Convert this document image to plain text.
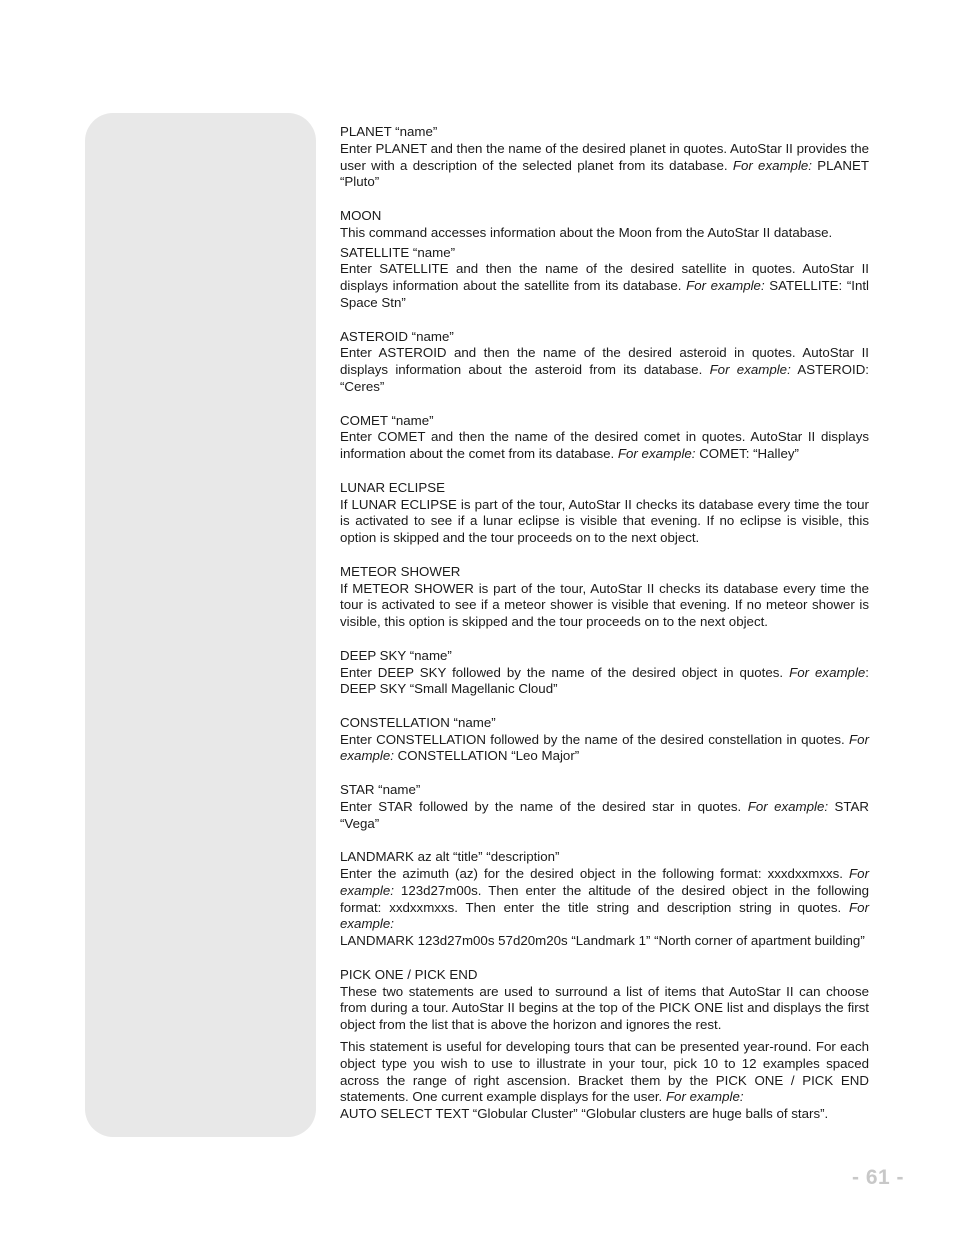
PLANET “name”
Enter PLANET and then the name of the desired planet in quotes. AutoStar II provides the user with a description of the selected planet from its database. For example: PLANET “Pluto”
MOON
This command accesses information about the Moon from the AutoStar II database.
SATELLITE “name”
Enter SATELLITE and then the name of the desired satellite in quotes. AutoStar II displays information about the satellite from its database. For example: SATELLITE: “Intl Space Stn”
ASTEROID “name”
Enter ASTEROID and then the name of the desired asteroid in quotes. AutoStar II displays information about the asteroid from its database. For example: ASTEROID: “Ceres”
COMET “name”
Enter COMET and then the name of the desired comet in quotes. AutoStar II displays information about the comet from its database. For example: COMET: “Halley”
LUNAR ECLIPSE
If LUNAR ECLIPSE is part of the tour, AutoStar II checks its database every time the tour is activated to see if a lunar eclipse is visible that evening. If no eclipse is visible, this option is skipped and the tour proceeds on to the next object.
METEOR SHOWER
If METEOR SHOWER is part of the tour, AutoStar II checks its database every time the tour is activated to see if a meteor shower is visible that evening. If no meteor shower is visible, this option is skipped and the tour proceeds on to the next object.
DEEP SKY “name”
Enter DEEP SKY followed by the name of the desired object in quotes. For example: DEEP SKY “Small Magellanic Cloud”
CONSTELLATION “name”
Enter CONSTELLATION followed by the name of the desired constellation in quotes. For example: CONSTELLATION “Leo Major”
STAR “name”
Enter STAR followed by the name of the desired star in quotes. For example: STAR “Vega”
LANDMARK az alt “title” “description”
Enter the azimuth (az) for the desired object in the following format: xxxdxxmxxs. For example: 123d27m00s. Then enter the altitude of the desired object in the following format: xxdxxmxxs. Then enter the title string and description string in quotes. For example:
LANDMARK 123d27m00s 57d20m20s “Landmark 1” “North corner of apartment building”
PICK ONE / PICK END

These two statements are used to surround a list of items that AutoStar II can choose from during a tour. AutoStar II begins at the top of the PICK ONE list and displays the first object from the list that is above the horizon and ignores the rest.

This statement is useful for developing tours that can be presented year-round. For each object type you wish to use to illustrate in your tour, pick 10 to 12 examples spaced across the range of right ascension. Bracket them by the PICK ONE / PICK END statements. One current example displays for the user. For example:

AUTO SELECT TEXT “Globular Cluster” “Globular clusters are huge balls of stars”.
- 61 -
